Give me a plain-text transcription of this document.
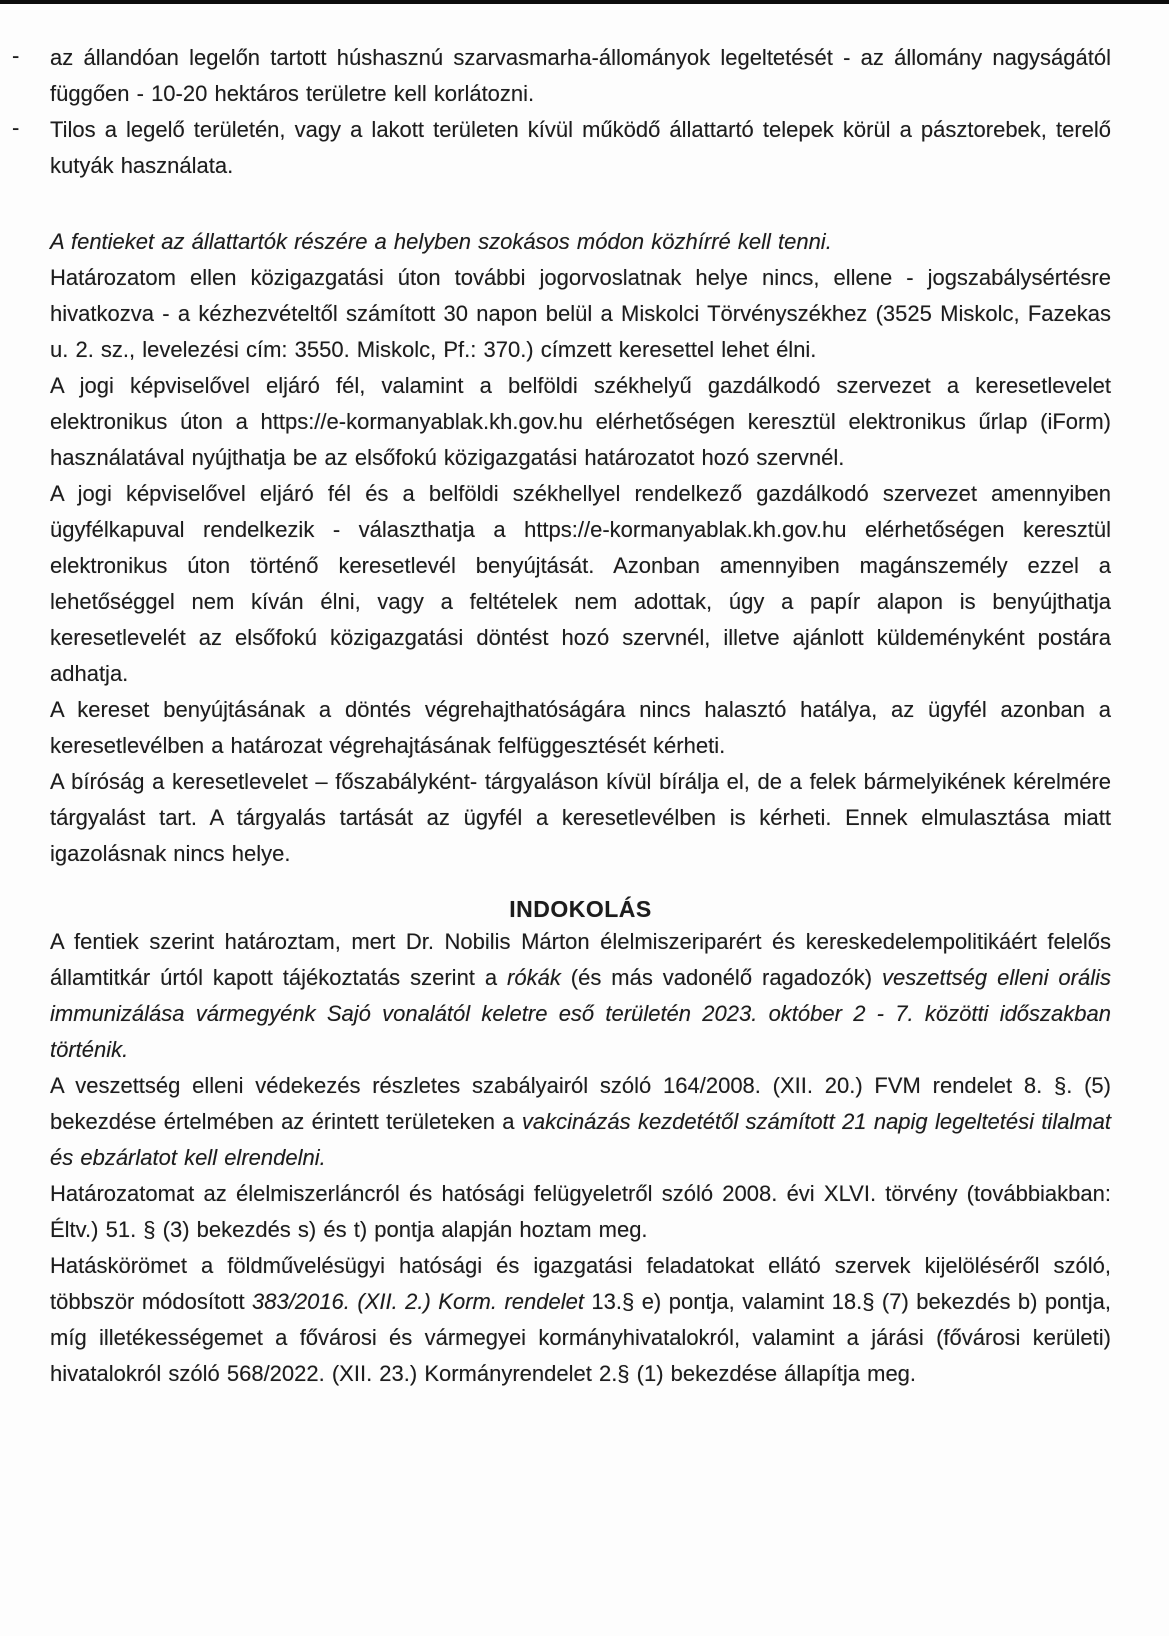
- az állandóan legelőn tartott húshasznú szarvasmarha-állományok legeltetését - az állomány nagyságától függően - 10-20 hektáros területre kell korlátozni.
- Tilos a legelő területén, vagy a lakott területen kívül működő állattartó telepek körül a pásztorebek, terelő kutyák használata.

A fentieket az állattartók részére a helyben szokásos módon közhírré kell tenni.

Határozatom ellen közigazgatási úton további jogorvoslatnak helye nincs, ellene - jogszabálysértésre hivatkozva - a kézhezvételtől számított 30 napon belül a Miskolci Törvényszékhez (3525 Miskolc, Fazekas u. 2. sz., levelezési cím: 3550. Miskolc, Pf.: 370.) címzett keresettel lehet élni.

A jogi képviselővel eljáró fél, valamint a belföldi székhelyű gazdálkodó szervezet a keresetlevelet elektronikus úton a https://e-kormanyablak.kh.gov.hu elérhetőségen keresztül elektronikus űrlap (iForm) használatával nyújthatja be az elsőfokú közigazgatási határozatot hozó szervnél.

A jogi képviselővel eljáró fél és a belföldi székhellyel rendelkező gazdálkodó szervezet amennyiben ügyfélkapuval rendelkezik - választhatja a https://e-kormanyablak.kh.gov.hu elérhetőségen keresztül elektronikus úton történő keresetlevél benyújtását. Azonban amennyiben magánszemély ezzel a lehetőséggel nem kíván élni, vagy a feltételek nem adottak, úgy a papír alapon is benyújthatja keresetlevelét az elsőfokú közigazgatási döntést hozó szervnél, illetve ajánlott küldeményként postára adhatja.

A kereset benyújtásának a döntés végrehajthatóságára nincs halasztó hatálya, az ügyfél azonban a keresetlevélben a határozat végrehajtásának felfüggesztését kérheti.

A bíróság a keresetlevelet – főszabályként- tárgyaláson kívül bírálja el, de a felek bármelyikének kérelmére tárgyalást tart. A tárgyalás tartását az ügyfél a keresetlevélben is kérheti. Ennek elmulasztása miatt igazolásnak nincs helye.

INDOKOLÁS

A fentiek szerint határoztam, mert Dr. Nobilis Márton élelmiszeriparért és kereskedelempolitikáért felelős államtitkár úrtól kapott tájékoztatás szerint a rókák (és más vadonélő ragadozók) veszettség elleni orális immunizálása vármegyénk Sajó vonalától keletre eső területén 2023. október 2 - 7. közötti időszakban történik.

A veszettség elleni védekezés részletes szabályairól szóló 164/2008. (XII. 20.) FVM rendelet 8. §. (5) bekezdése értelmében az érintett területeken a vakcinázás kezdetétől számított 21 napig legeltetési tilalmat és ebzárlatot kell elrendelni.

Határozatomat az élelmiszerláncról és hatósági felügyeletről szóló 2008. évi XLVI. törvény (továbbiakban: Éltv.) 51. § (3) bekezdés s) és t) pontja alapján hoztam meg.

Hatáskörömet a földművelésügyi hatósági és igazgatási feladatokat ellátó szervek kijelöléséről szóló, többször módosított 383/2016. (XII. 2.) Korm. rendelet 13.§ e) pontja, valamint 18.§ (7) bekezdés b) pontja, míg illetékességemet a fővárosi és vármegyei kormányhivatalokról, valamint a járási (fővárosi kerületi) hivatalokról szóló 568/2022. (XII. 23.) Kormányrendelet 2.§ (1) bekezdése állapítja meg.
